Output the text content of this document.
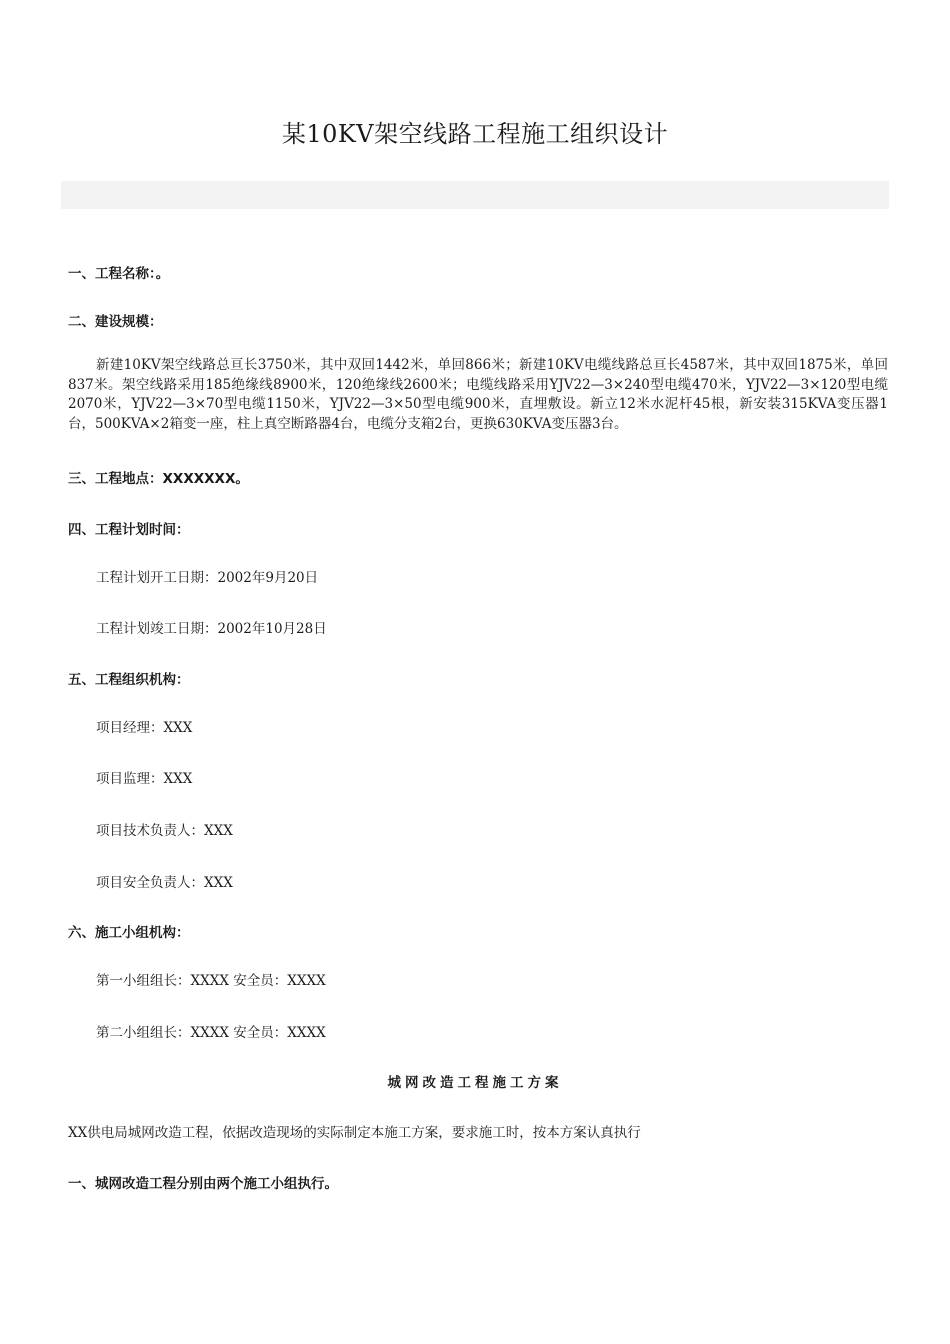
某10KV架空线路工程施工组织设计
一、工程名称：。
二、建设规模：
新建10KV架空线路总亘长3750米，其中双回1442米，单回866米；新建10KV电缆线路总亘长4587米，其中双回1875米，单回837米。架空线路采用185绝缘线8900米，120绝缘线2600米；电缆线路采用YJV22—3×240型电缆470米，YJV22—3×120型电缆2070米，YJV22—3×70型电缆1150米，YJV22—3×50型电缆900米，直埋敷设。新立12米水泥杆45根，新安装315KVA变压器1台，500KVA×2箱变一座，柱上真空断路器4台，电缆分支箱2台，更换630KVA变压器3台。
三、工程地点：XXXXXXX。
四、工程计划时间：
工程计划开工日期：2002年9月20日
工程计划竣工日期：2002年10月28日
五、工程组织机构：
项目经理：XXX
项目监理：XXX
项目技术负责人：XXX
项目安全负责人：XXX
六、施工小组机构：
第一小组组长：XXXX 安全员：XXXX
第二小组组长：XXXX 安全员：XXXX
城网改造工程施工方案
XX供电局城网改造工程，依据改造现场的实际制定本施工方案，要求施工时，按本方案认真执行
一、城网改造工程分别由两个施工小组执行。
